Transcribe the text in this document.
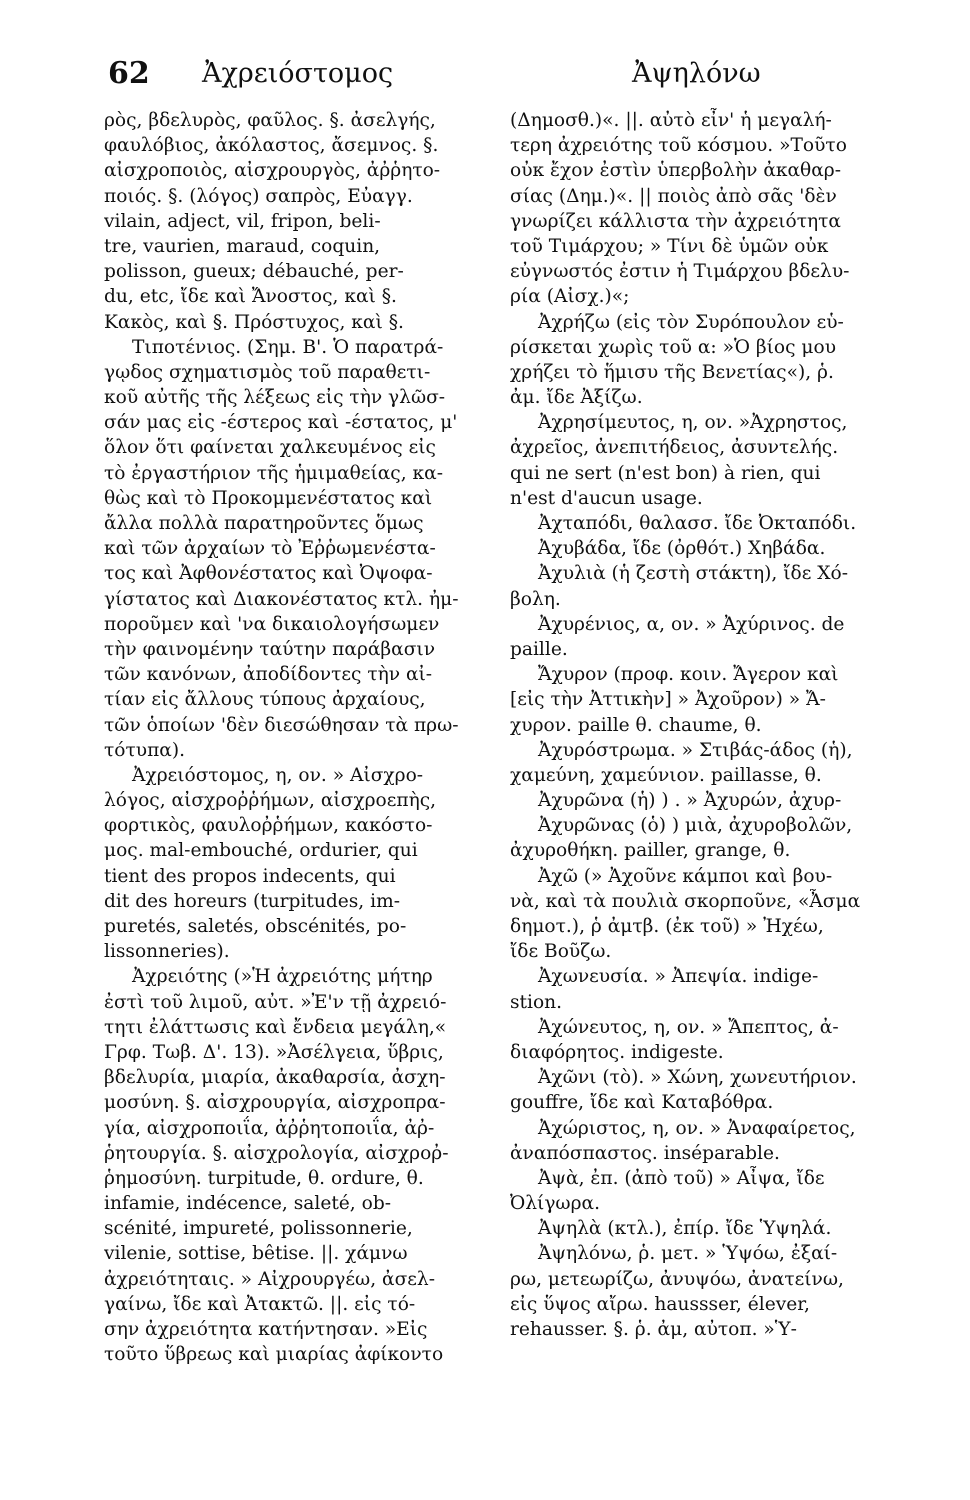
62 Ἀχρειόστομος	Ἀψηλόνω
ρὸς, βδελυρὸς, φαῦλος. §. ἀσελγής,
φαυλόβιος, ἀκόλαστος, ἄσεμνος. §.
αἰσχροποιὸς, αἰσχρουργὸς, ἀῤῥητο-
ποιός. §. (λόγος) σαπρὸς, Εὐαγγ.
vilain, adject, vil, fripon, beli-
tre, vaurien, maraud, coquin,
polisson, gueux; débauché, per-
du, etc, ἴδε καὶ Ἄνοστος, καὶ §.
Κακὸς, καὶ §. Πρόστυχος, καὶ §.
Τιποτένιος. (Σημ. Β'. Ὁ παρατρά-
γῳδος σχηματισμὸς τοῦ παραθετι-
κοῦ αὐτῆς τῆς λέξεως εἰς τὴν γλῶσ-
σάν μας εἰς -έστερος καὶ -έστατος, μ'
ὅλον ὅτι φαίνεται χαλκευμένος εἰς
τὸ ἐργαστήριον τῆς ἡμιμαθείας, κα-
θὼς καὶ τὸ Προκομμενέστατος καὶ
ἄλλα πολλὰ παρατηροῦντες ὅμως
καὶ τῶν ἀρχαίων τὸ Ἐῤῥωμενέστα-
τος καὶ Ἀφθονέστατος καὶ Ὀψοφα-
γίστατος καὶ Διακονέστατος κτλ. ἠμ-
ποροῦμεν καὶ 'να δικαιολογήσωμεν
τὴν φαινομένην ταύτην παράβασιν
τῶν κανόνων, ἀποδίδοντες τὴν αἰ-
τίαν εἰς ἄλλους τύπους ἀρχαίους,
τῶν ὁποίων 'δὲν διεσώθησαν τὰ πρω-
τότυπα).
Ἀχρειόστομος, η, ον. » Αἰσχρο-
λόγος, αἰσχροῤῥήμων, αἰσχροεπὴς,
φορτικὸς, φαυλοῤῥήμων, κακόστο-
μος. mal-embouché, ordurier, qui
tient des propos indecents, qui
dit des horeurs (turpitudes, im-
puretés, saletés, obscénités, po-
lissonneries).
Ἀχρειότης (»Ἡ ἀχρειότης μήτηρ
ἐστὶ τοῦ λιμοῦ, αὐτ. »Ἐ'ν τῇ ἀχρειό-
τητι ἐλάττωσις καὶ ἔνδεια μεγάλη,«
Γρφ. Τωβ. Δ'. 13). »Ἀσέλγεια, ὕβρις,
βδελυρία, μιαρία, ἀκαθαρσία, ἀσχη-
μοσύνη. §. αἰσχρουργία, αἰσχροπρα-
γία, αἰσχροποιΐα, ἀῤῥητοποιΐα, ἀῤ-
ῥητουργία. §. αἰσχρολογία, αἰσχροῤ-
ῥημοσύνη. turpitude, θ. ordure, θ.
infamie, indécence, saleté, ob-
scénité, impureté, polissonnerie,
vilenie, sottise, bêtise. ||. χάμνω
ἀχρειότηταις. » Αἰχρουργέω, ἀσελ-
γαίνω, ἴδε καὶ Ἀτακτῶ. ||. εἰς τό-
σην ἀχρειότητα κατήντησαν. »Εἰς
τοῦτο ὕβρεως καὶ μιαρίας ἀφίκοντο
(Δημοσθ.)«. ||. αὐτὸ εἶν' ἡ μεγαλή-
τερη ἀχρειότης τοῦ κόσμου. »Τοῦτο
οὐκ ἔχον ἐστὶν ὑπερβολὴν ἀκαθαρ-
σίας (Δημ.)«. || ποιὸς ἀπὸ σᾶς 'δὲν
γνωρίζει κάλλιστα τὴν ἀχρειότητα
τοῦ Τιμάρχου; » Τίνι δὲ ὑμῶν οὐκ
εὐγνωστός ἐστιν ἡ Τιμάρχου βδελυ-
ρία (Αἰσχ.)«;
Ἀχρήζω (εἰς τὸν Συρόπουλον εὑ-
ρίσκεται χωρὶς τοῦ α: »Ὁ βίος μου
χρήζει τὸ ἥμισυ τῆς Βενετίας«), ῥ.
ἀμ. ἴδε Ἀξίζω.
Ἀχρησίμευτος, η, ον. »Ἀχρηστος,
ἀχρεῖος, ἀνεπιτήδειος, ἀσυντελής.
qui ne sert (n'est bon) à rien, qui
n'est d'aucun usage.
Ἀχταπόδι, θαλασσ. ἴδε Ὀκταπόδι.
Ἀχυβάδα, ἴδε (ὀρθότ.) Χηβάδα.
Ἀχυλιὰ (ἡ ζεστὴ στάκτη), ἴδε Χό-
βολη.
Ἀχυρένιος, α, ον. » Ἀχύρινος. de
paille.
Ἄχυρον (προφ. κοιν. Ἄγερον καὶ
[εἰς τὴν Ἀττικὴν] » Ἀχοῦρον) » Ἄ-
χυρον. paille θ. chaume, θ.
Ἀχυρόστρωμα. » Στιβάς-άδος (ἡ),
χαμεύνη, χαμεύνιον. paillasse, θ.
Ἀχυρῶνα (ἡ) ) . » Ἀχυρών, ἀχυρ-
Ἀχυρῶνας (ὁ) ) μιὰ, ἀχυροβολῶν,
ἀχυροθήκη. pailler, grange, θ.
Ἀχῶ (» Ἀχοῦνε κάμποι καὶ βου-
νὰ, καὶ τὰ πουλιὰ σκορποῦνε, «Ἆσμα
δημοτ.), ῥ ἀμτβ. (ἐκ τοῦ) » Ἠχέω,
ἴδε Βοῦζω.
Ἀχωνευσία. » Ἀπεψία. indige-
stion.
Ἀχώνευτος, η, ον. » Ἄπεπτος, ἀ-
διαφόρητος. indigeste.
Ἀχῶνι (τὸ). » Χώνη, χωνευτήριον.
gouffre, ἴδε καὶ Καταβόθρα.
Ἀχώριστος, η, ον. » Ἀναφαίρετος,
ἀναπόσπαστος. inséparable.
Ἀψὰ, ἐπ. (ἀπὸ τοῦ) » Αἶψα, ἴδε
Ὀλίγωρα.
Ἀψηλὰ (κτλ.), ἐπίρ. ἴδε Ὑψηλά.
Ἀψηλόνω, ῥ. μετ. » Ὑψόω, ἐξαί-
ρω, μετεωρίζω, ἀνυψόω, ἀνατείνω,
εἰς ὕψος αἴρω. haussser, élever,
rehausser. §. ῥ. ἀμ, αὐτοπ. »Ὑ-
